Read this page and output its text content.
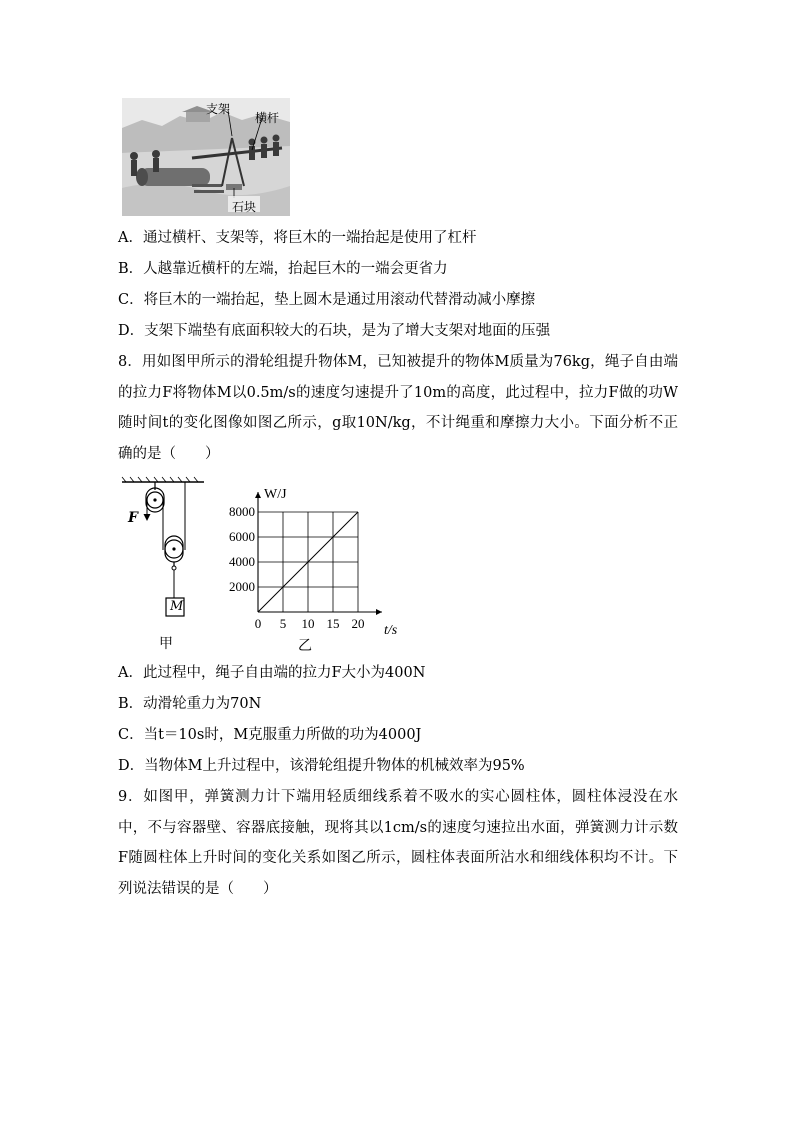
支架
横杆
石块
A．通过横杆、支架等，将巨木的一端抬起是使用了杠杆
B．人越靠近横杆的左端，抬起巨木的一端会更省力
C．将巨木的一端抬起，垫上圆木是通过用滚动代替滑动减小摩擦
D．支架下端垫有底面积较大的石块，是为了增大支架对地面的压强
8．用如图甲所示的滑轮组提升物体M，已知被提升的物体M质量为76kg，绳子自由端的拉力F将物体M以0.5m/s的速度匀速提升了10m的高度，此过程中，拉力F做的功W随时间t的变化图像如图乙所示，g取10N/kg，不计绳重和摩擦力大小。下面分析不正确的是（　　）
F
M
甲
0 5 10 15 20
2000
4000
6000
8000
t/s
W/J
乙
A．此过程中，绳子自由端的拉力F大小为400N
B．动滑轮重力为70N
C．当t＝10s时，M克服重力所做的功为4000J
D．当物体M上升过程中，该滑轮组提升物体的机械效率为95%
9．如图甲，弹簧测力计下端用轻质细线系着不吸水的实心圆柱体，圆柱体浸没在水中，不与容器壁、容器底接触，现将其以1cm/s的速度匀速拉出水面，弹簧测力计示数F随圆柱体上升时间的变化关系如图乙所示，圆柱体表面所沾水和细线体积均不计。下列说法错误的是（　　）
